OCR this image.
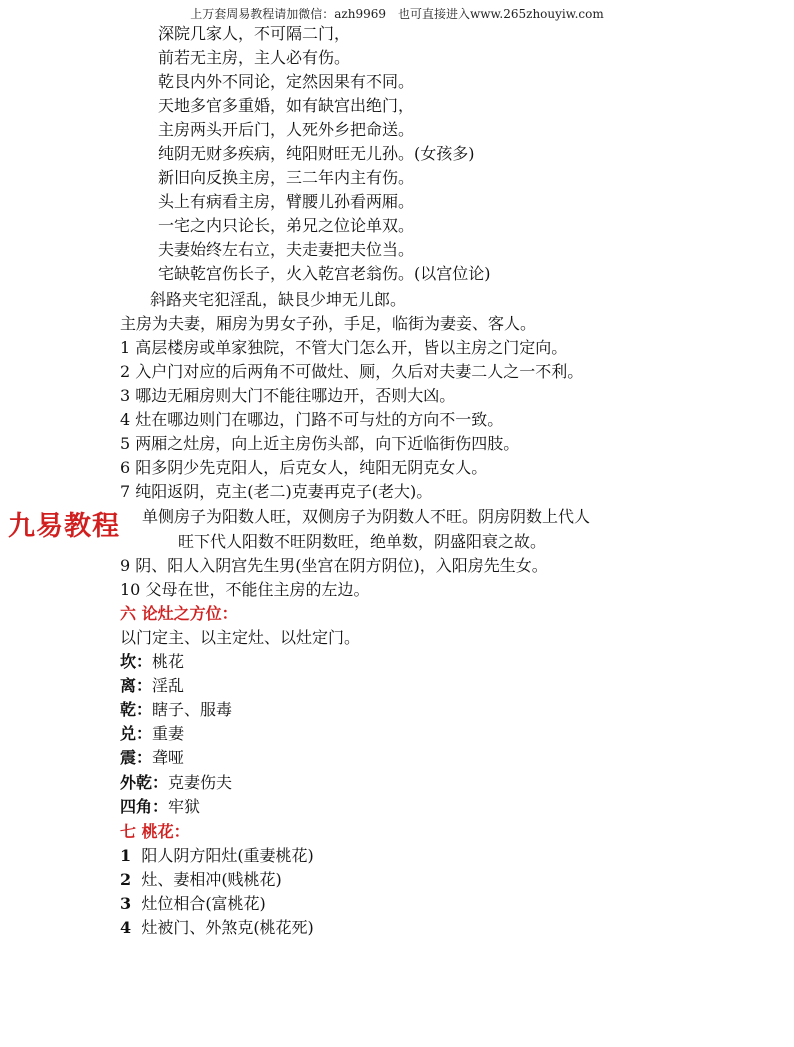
上万套周易教程请加微信：azh9969　也可直接进入www.265zhouyiw.com
深院几家人，不可隔二门，
前若无主房，主人必有伤。
乾艮内外不同论，定然因果有不同。
天地多官多重婚，如有缺宫出绝门，
主房两头开后门，人死外乡把命送。
纯阴无财多疾病，纯阳财旺无儿孙。(女孩多)
新旧向反换主房，三二年内主有伤。
头上有病看主房，臂腰儿孙看两厢。
一宅之内只论长，弟兄之位论单双。
夫妻始终左右立，夫走妻把夫位当。
宅缺乾宫伤长子，火入乾宫老翁伤。(以宫位论)
斜路夹宅犯淫乱，缺艮少坤无儿郎。
主房为夫妻，厢房为男女子孙，手足，临街为妻妾、客人。
1 高层楼房或单家独院，不管大门怎么开，皆以主房之门定向。
2 入户门对应的后两角不可做灶、厕，久后对夫妻二人之一不利。
3 哪边无厢房则大门不能往哪边开，否则大凶。
4 灶在哪边则门在哪边，门路不可与灶的方向不一致。
5 两厢之灶房，向上近主房伤头部，向下近临街伤四肢。
6 阳多阴少先克阳人，后克女人，纯阳无阴克女人。
7 纯阳返阴，克主(老二)克妻再克子(老大)。
单侧房子为阳数人旺，双侧房子为阴数人不旺。阴房阴数上代人
旺下代人阳数不旺阴数旺，绝单数，阴盛阳衰之故。
9 阴、阳人入阴宫先生男(坐宫在阴方阴位)，入阳房先生女。
10 父母在世，不能住主房的左边。
九易教程
六 论灶之方位：
以门定主、以主定灶、以灶定门。
坎：桃花
离：淫乱
乾：瞎子、服毒
兑：重妻
震：聋哑
外乾：克妻伤夫
四角：牢狱
七 桃花：
1 阳人阴方阳灶(重妻桃花)
2 灶、妻相冲(贱桃花)
3 灶位相合(富桃花)
4 灶被门、外煞克(桃花死)
